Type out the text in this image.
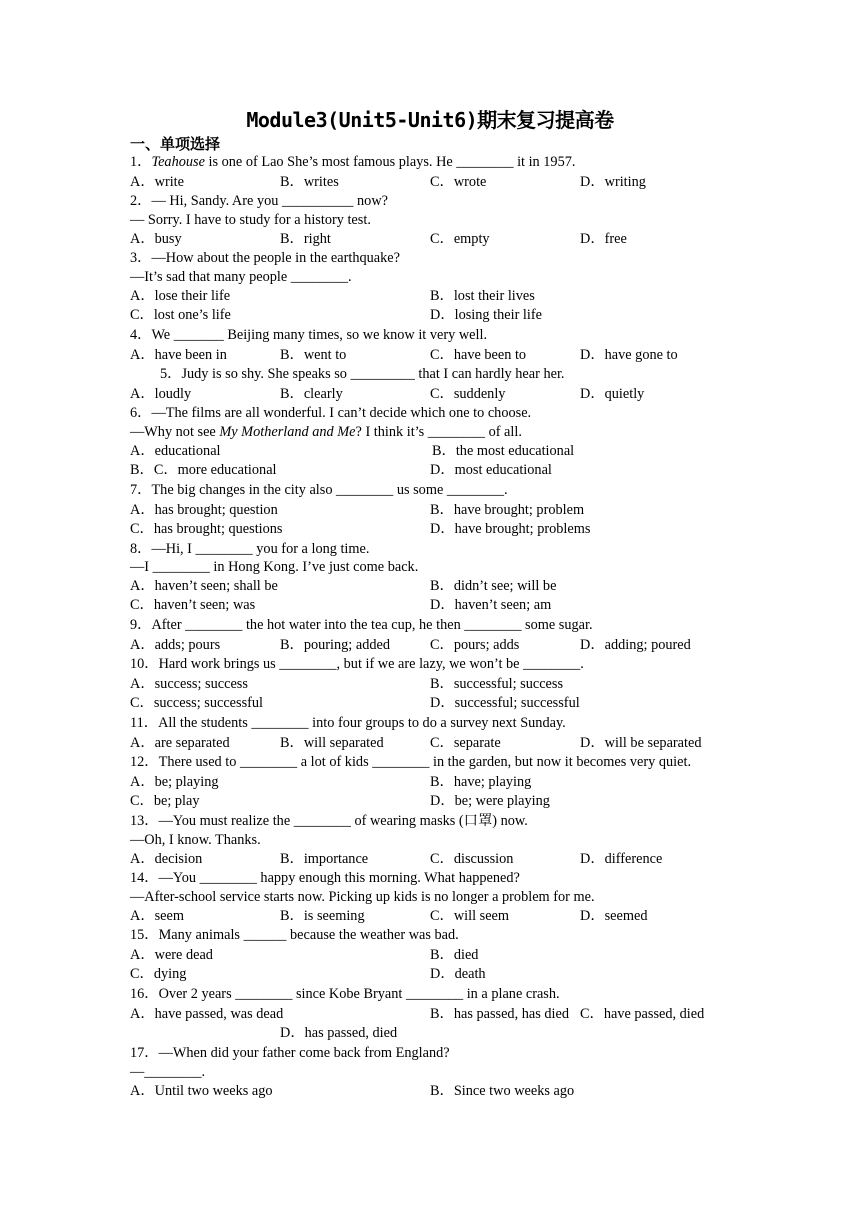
Module3(Unit5-Unit6)期末复习提高卷
一、单项选择
1．Teahouse is one of Lao She’s most famous plays. He ________ it in 1957.
2．— Hi, Sandy. Are you __________ now?
— Sorry. I have to study for a history test.
3．—How about the people in the earthquake?
—It’s sad that many people ________.
4．We _______ Beijing many times, so we know it very well.
5．Judy is so shy. She speaks so _________ that I can hardly hear her.
6．—The films are all wonderful. I can’t decide which one to choose.
—Why not see My Motherland and Me? I think it’s ________ of all.
7．The big changes in the city also ________ us some ________.
8．—Hi, I ________ you for a long time.
—I ________ in Hong Kong. I’ve just come back.
9．After ________ the hot water into the tea cup, he then ________ some sugar.
10．Hard work brings us ________, but if we are lazy, we won’t be ________.
11．All the students ________ into four groups to do a survey next Sunday.
12．There used to ________ a lot of kids ________ in the garden, but now it becomes very quiet.
13．—You must realize the ________ of wearing masks (口罩) now.
—Oh, I know. Thanks.
14．—You ________ happy enough this morning. What happened?
—After-school service starts now. Picking up kids is no longer a problem for me.
15．Many animals ______ because the weather was bad.
16．Over 2 years ________ since Kobe Bryant ________ in a plane crash.
17．—When did your father come back from England?
—________.
A．write	B．writes	C．wrote	D．writing
A．busy	B．right	C．empty	D．free
A．lose their life	B．lost their lives
C．lost one’s life	D．losing their life
A．have been in	B．went to	C．have been to	D．have gone to
A．loudly	B．clearly	C．suddenly	D．quietly
A．educational	B．the most educational
B．C．more educational	D．most educational
A．has brought; question	B．have brought; problem
C．has brought; questions	D．have brought; problems
A．haven’t seen; shall be	B．didn’t see; will be
C．haven’t seen; was	D．haven’t seen; am
A．adds; pours	B．pouring; added	C．pours; adds	D．adding; poured
A．success; success	B．successful; success
C．success; successful	D．successful; successful
A．are separated	B．will separated	C．separate	D．will be separated
A．be; playing	B．have; playing
C．be; play	D．be; were playing
A．decision	B．importance	C．discussion	D．difference
A．seem	B．is seeming	C．will seem	D．seemed
A．were dead	B．died
C．dying	D．death
A．have passed, was dead	B．has passed, has died C．have passed, died
D．has passed, died
A．Until two weeks ago	B．Since two weeks ago
